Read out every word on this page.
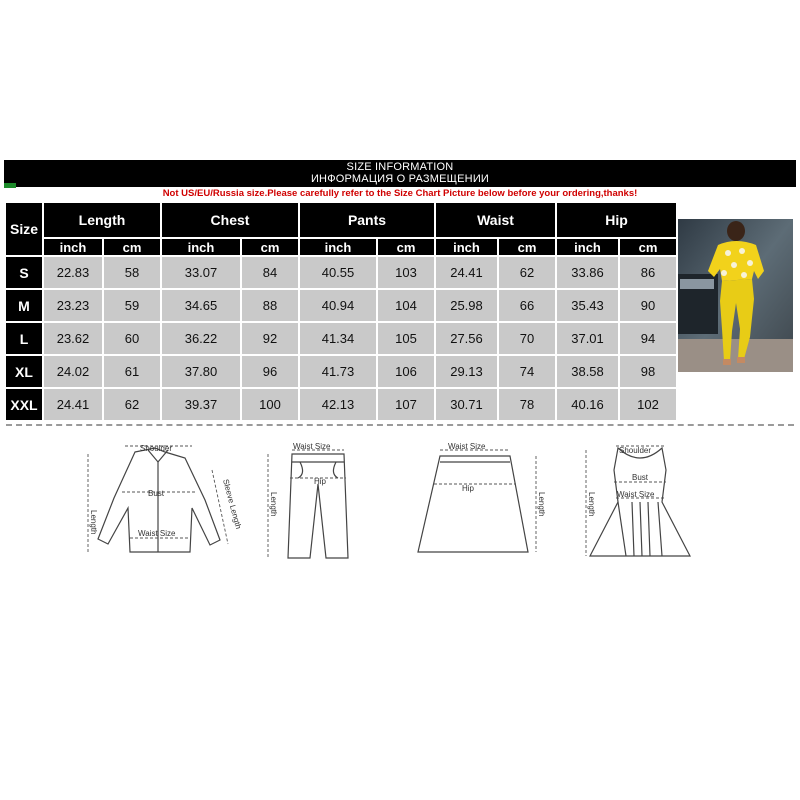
SIZE INFORMATION
ИНФОРМАЦИЯ О РАЗМЕЩЕНИИ
Not US/EU/Russia size.Please carefully refer to the Size Chart Picture below before your ordering,thanks!
Size	Length		Chest		Pants		Waist		Hip	
	inch	cm	inch	cm	inch	cm	inch	cm	inch	cm
S	22.83	58	33.07	84	40.55	103	24.41	62	33.86	86
M	23.23	59	34.65	88	40.94	104	25.98	66	35.43	90
L	23.62	60	36.22	92	41.34	105	27.56	70	37.01	94
XL	24.02	61	37.80	96	41.73	106	29.13	74	38.58	98
XXL	24.41	62	39.37	100	42.13	107	30.71	78	40.16	102
Shoulder
Bust
Waist Size
Length	Sleeve Length
Waist Size
Hip
Length
Waist Size
Hip
Length
Shoulder
Bust
Waist Size
Length
